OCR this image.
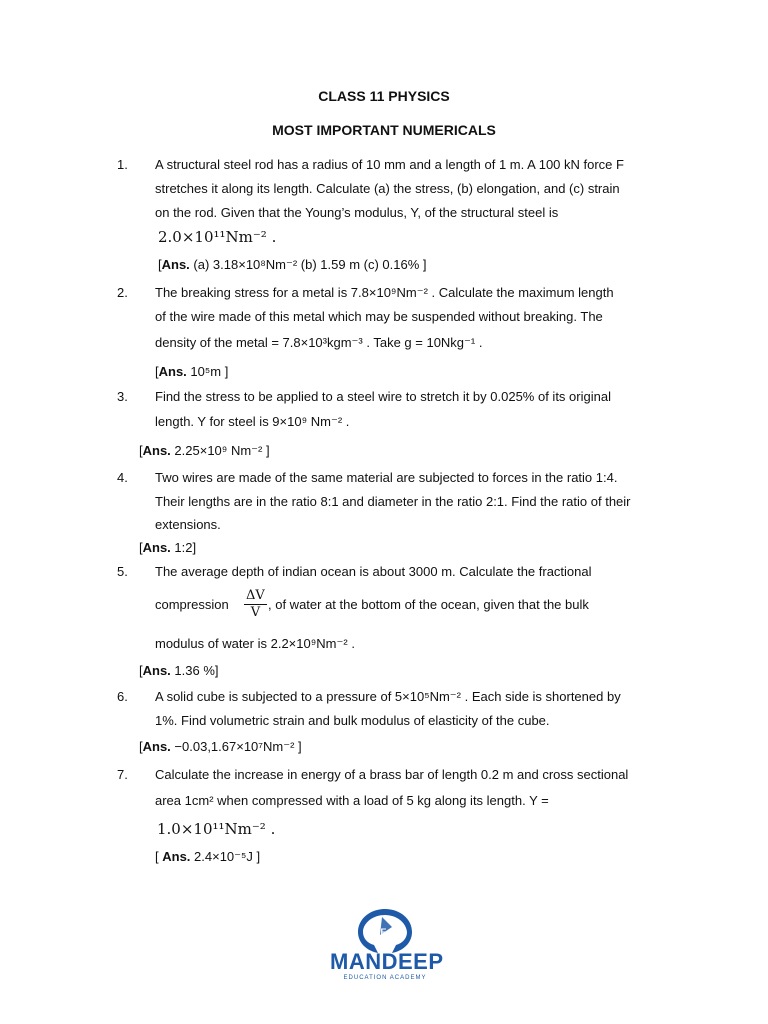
CLASS 11 PHYSICS
MOST IMPORTANT NUMERICALS
1. A structural steel rod has a radius of 10 mm and a length of 1 m. A 100 kN force F
stretches it along its length. Calculate (a) the stress, (b) elongation, and (c) strain
on the rod. Given that the Young’s modulus, Y, of the structural steel is
2.0×10¹¹Nm⁻² .
[Ans. (a) 3.18×10⁸Nm⁻² (b) 1.59 m (c) 0.16% ]
2. The breaking stress for a metal is 7.8×10⁹Nm⁻² . Calculate the maximum length
of the wire made of this metal which may be suspended without breaking. The
density of the metal = 7.8×10³kgm⁻³ . Take g = 10Nkg⁻¹ .
[Ans. 10⁵m ]
3. Find the stress to be applied to a steel wire to stretch it by 0.025% of its original
length. Y for steel is 9×10⁹ Nm⁻² .
[Ans. 2.25×10⁹ Nm⁻² ]
4. Two wires are made of the same material are subjected to forces in the ratio 1:4.
Their lengths are in the ratio 8:1 and diameter in the ratio 2:1. Find the ratio of their
extensions.
[Ans. 1:2]
5. The average depth of indian ocean is about 3000 m. Calculate the fractional
compression $\frac{\Delta V}{V}$ , of water at the bottom of the ocean, given that the bulk
modulus of water is 2.2×10⁹Nm⁻² .
[Ans. 1.36 %]
6. A solid cube is subjected to a pressure of 5×10⁵Nm⁻² . Each side is shortened by
1%. Find volumetric strain and bulk modulus of elasticity of the cube.
[Ans. −0.03,1.67×10⁷Nm⁻² ]
7. Calculate the increase in energy of a brass bar of length 0.2 m and cross sectional
area 1cm² when compressed with a load of 5 kg along its length. Y =
1.0×10¹¹Nm⁻² .
[ Ans. 2.4×10⁻⁵J ]
ME
MANDEEP
EDUCATION ACADEMY
